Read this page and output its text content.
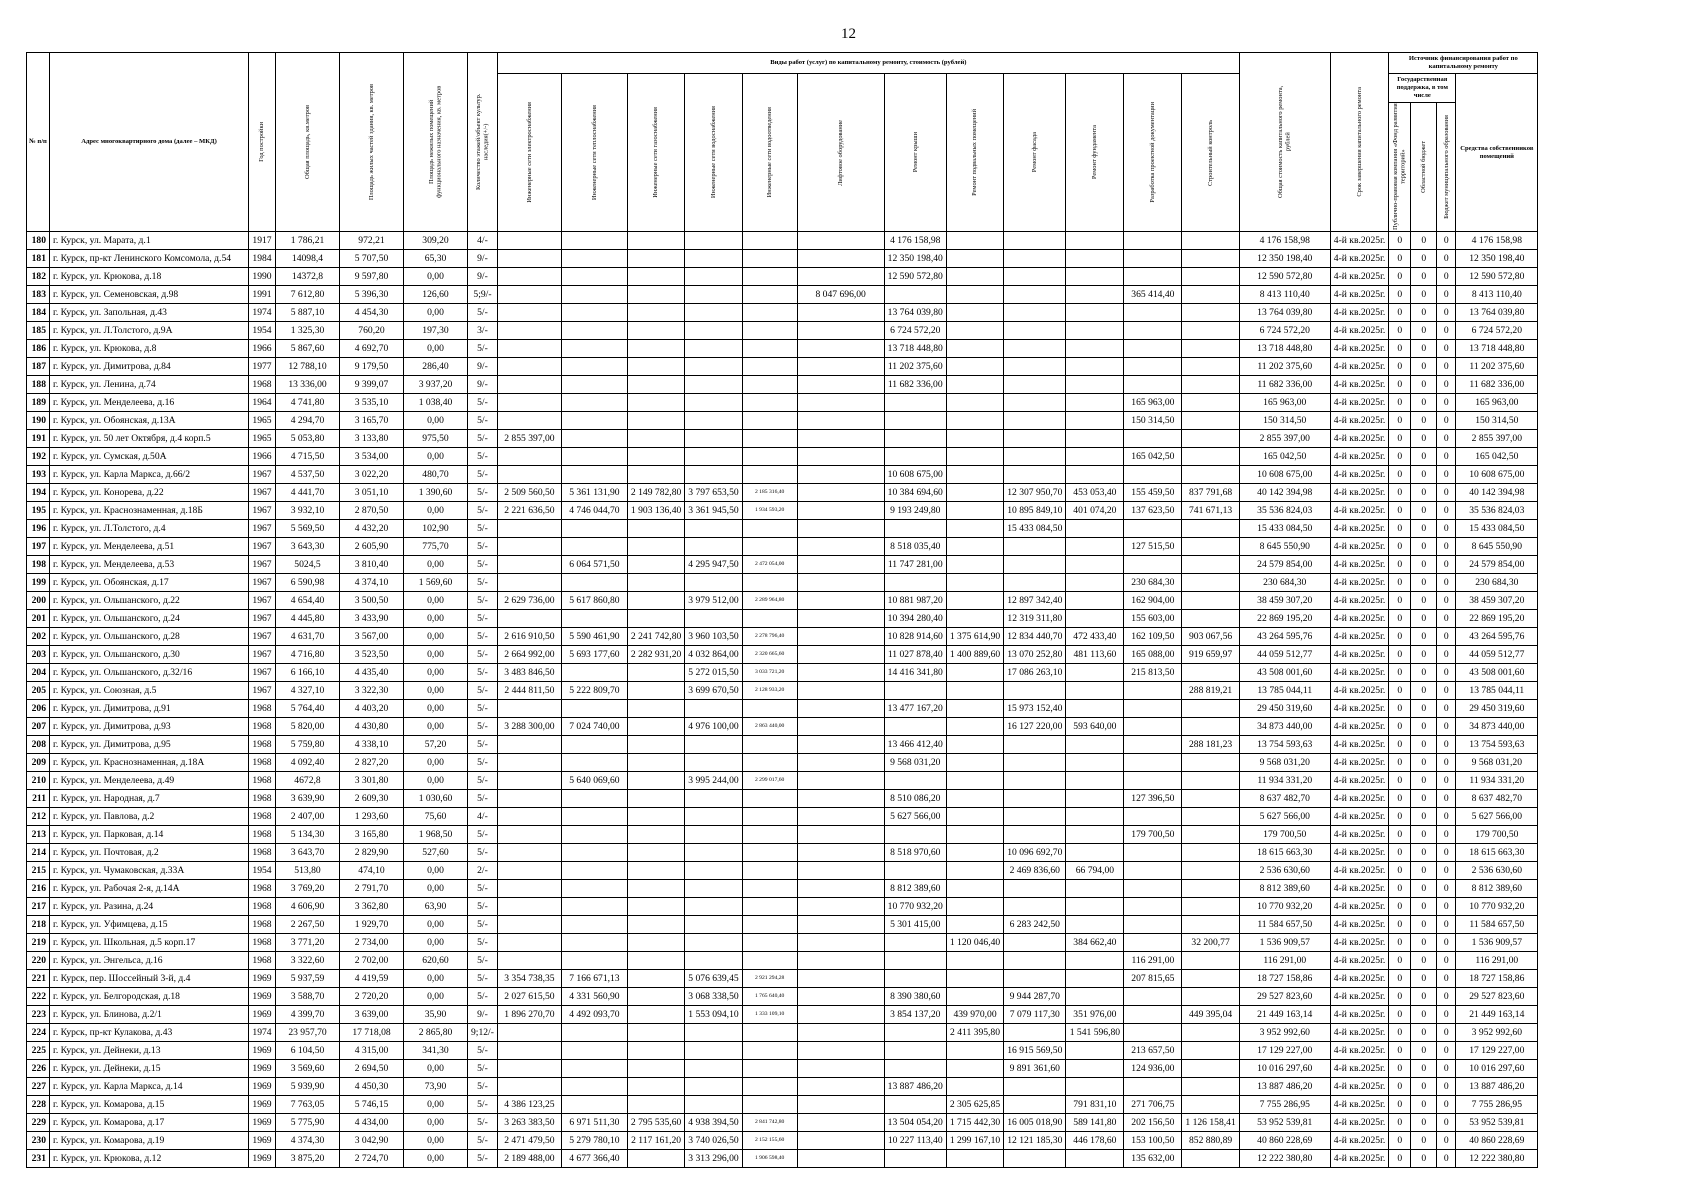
12
№ п/п	Адрес многоквартирного дома (далее – МКД)	Год постройки	Общая площадь, кв.метров	Площадь жилых частей здания, кв. метров	Площадь нежилых помещений функционального назначения, кв. метров	Количество этажей/объект культур. наследия(+/-)	Виды работ (услуг) по капитальному ремонту, стоимость (рублей)												Общая стоимость капитального ремонта, рублей	Срок завершения капитального ремонта	Источник финансирования работ по капитальному ремонту			

							Инженерные сети электроснабжения	Инженерные сети теплоснабжения	Инженерные сети газоснабжения	Инженерные сети водоснабжения	Инженерные сети водоотведения	Лифтовое оборудование	Ремонт крыши	Ремонт подвальных помещений	Ремонт фасада	Ремонт фундамента	Разработка проектной документации	Строительный контроль			Государственная поддержка, в том числе			Средства собственников помещений

																					Публично-правовая компания «Фонд развития территорий»	Областной бюджет	Бюджет муниципального образования	

180	г. Курск, ул. Марата, д.1	1917	1 786,21	972,21	309,20	4/-							4 176 158,98						4 176 158,98	4-й кв.2025г.	0	0	0	4 176 158,98
181	г. Курск, пр-кт Ленинского Комсомола, д.54	1984	14098,4	5 707,50	65,30	9/-							12 350 198,40						12 350 198,40	4-й кв.2025г.	0	0	0	12 350 198,40
182	г. Курск, ул. Крюкова, д.18	1990	14372,8	9 597,80	0,00	9/-							12 590 572,80						12 590 572,80	4-й кв.2025г.	0	0	0	12 590 572,80
183	г. Курск, ул. Семеновская, д.98	1991	7 612,80	5 396,30	126,60	5;9/-						8 047 696,00					365 414,40		8 413 110,40	4-й кв.2025г.	0	0	0	8 413 110,40
184	г. Курск, ул. Запольная, д.43	1974	5 887,10	4 454,30	0,00	5/-							13 764 039,80						13 764 039,80	4-й кв.2025г.	0	0	0	13 764 039,80
185	г. Курск, ул. Л.Толстого, д.9А	1954	1 325,30	760,20	197,30	3/-							6 724 572,20						6 724 572,20	4-й кв.2025г.	0	0	0	6 724 572,20
186	г. Курск, ул. Крюкова, д.8	1966	5 867,60	4 692,70	0,00	5/-							13 718 448,80						13 718 448,80	4-й кв.2025г.	0	0	0	13 718 448,80
187	г. Курск, ул. Димитрова, д.84	1977	12 788,10	9 179,50	286,40	9/-							11 202 375,60						11 202 375,60	4-й кв.2025г.	0	0	0	11 202 375,60
188	г. Курск, ул. Ленина, д.74	1968	13 336,00	9 399,07	3 937,20	9/-							11 682 336,00						11 682 336,00	4-й кв.2025г.	0	0	0	11 682 336,00
189	г. Курск, ул. Менделеева, д.16	1964	4 741,80	3 535,10	1 038,40	5/-											165 963,00		165 963,00	4-й кв.2025г.	0	0	0	165 963,00
190	г. Курск, ул. Обоянская, д.13А	1965	4 294,70	3 165,70	0,00	5/-											150 314,50		150 314,50	4-й кв.2025г.	0	0	0	150 314,50
191	г. Курск, ул. 50 лет Октября, д.4 корп.5	1965	5 053,80	3 133,80	975,50	5/-	2 855 397,00												2 855 397,00	4-й кв.2025г.	0	0	0	2 855 397,00
192	г. Курск, ул. Сумская, д.50А	1966	4 715,50	3 534,00	0,00	5/-											165 042,50		165 042,50	4-й кв.2025г.	0	0	0	165 042,50
193	г. Курск, ул. Карла Маркса, д.66/2	1967	4 537,50	3 022,20	480,70	5/-							10 608 675,00						10 608 675,00	4-й кв.2025г.	0	0	0	10 608 675,00
194	г. Курск, ул. Конорева, д.22	1967	4 441,70	3 051,10	1 390,60	5/-	2 509 560,50	5 361 131,90	2 149 782,80	3 797 653,50	2 185 316,40		10 384 694,60		12 307 950,70	453 053,40	155 459,50	837 791,68	40 142 394,98	4-й кв.2025г.	0	0	0	40 142 394,98
195	г. Курск, ул. Краснознаменная, д.18Б	1967	3 932,10	2 870,50	0,00	5/-	2 221 636,50	4 746 044,70	1 903 136,40	3 361 945,50	1 934 593,20		9 193 249,80		10 895 849,10	401 074,20	137 623,50	741 671,13	35 536 824,03	4-й кв.2025г.	0	0	0	35 536 824,03
196	г. Курск, ул. Л.Толстого, д.4	1967	5 569,50	4 432,20	102,90	5/-									15 433 084,50				15 433 084,50	4-й кв.2025г.	0	0	0	15 433 084,50
197	г. Курск, ул. Менделеева, д.51	1967	3 643,30	2 605,90	775,70	5/-							8 518 035,40				127 515,50		8 645 550,90	4-й кв.2025г.	0	0	0	8 645 550,90
198	г. Курск, ул. Менделеева, д.53	1967	5024,5	3 810,40	0,00	5/-		6 064 571,50		4 295 947,50	2 472 054,00		11 747 281,00						24 579 854,00	4-й кв.2025г.	0	0	0	24 579 854,00
199	г. Курск, ул. Обоянская, д.17	1967	6 590,98	4 374,10	1 569,60	5/-											230 684,30		230 684,30	4-й кв.2025г.	0	0	0	230 684,30
200	г. Курск, ул. Ольшанского, д.22	1967	4 654,40	3 500,50	0,00	5/-	2 629 736,00	5 617 860,80		3 979 512,00	2 289 964,80		10 881 987,20		12 897 342,40		162 904,00		38 459 307,20	4-й кв.2025г.	0	0	0	38 459 307,20
201	г. Курск, ул. Ольшанского, д.24	1967	4 445,80	3 433,90	0,00	5/-							10 394 280,40		12 319 311,80		155 603,00		22 869 195,20	4-й кв.2025г.	0	0	0	22 869 195,20
202	г. Курск, ул. Ольшанского, д.28	1967	4 631,70	3 567,00	0,00	5/-	2 616 910,50	5 590 461,90	2 241 742,80	3 960 103,50	2 278 796,40		10 828 914,60	1 375 614,90	12 834 440,70	472 433,40	162 109,50	903 067,56	43 264 595,76	4-й кв.2025г.	0	0	0	43 264 595,76
203	г. Курск, ул. Ольшанского, д.30	1967	4 716,80	3 523,50	0,00	5/-	2 664 992,00	5 693 177,60	2 282 931,20	4 032 864,00	2 320 665,60		11 027 878,40	1 400 889,60	13 070 252,80	481 113,60	165 088,00	919 659,97	44 059 512,77	4-й кв.2025г.	0	0	0	44 059 512,77
204	г. Курск, ул. Ольшанского, д.32/16	1967	6 166,10	4 435,40	0,00	5/-	3 483 846,50			5 272 015,50	3 033 721,20		14 416 341,80		17 086 263,10		215 813,50		43 508 001,60	4-й кв.2025г.	0	0	0	43 508 001,60
205	г. Курск, ул. Союзная, д.5	1967	4 327,10	3 322,30	0,00	5/-	2 444 811,50	5 222 809,70		3 699 670,50	2 128 933,20							288 819,21	13 785 044,11	4-й кв.2025г.	0	0	0	13 785 044,11
206	г. Курск, ул. Димитрова, д.91	1968	5 764,40	4 403,20	0,00	5/-							13 477 167,20		15 973 152,40				29 450 319,60	4-й кв.2025г.	0	0	0	29 450 319,60
207	г. Курск, ул. Димитрова, д.93	1968	5 820,00	4 430,80	0,00	5/-	3 288 300,00	7 024 740,00		4 976 100,00	2 863 440,00				16 127 220,00	593 640,00			34 873 440,00	4-й кв.2025г.	0	0	0	34 873 440,00
208	г. Курск, ул. Димитрова, д.95	1968	5 759,80	4 338,10	57,20	5/-							13 466 412,40					288 181,23	13 754 593,63	4-й кв.2025г.	0	0	0	13 754 593,63
209	г. Курск, ул. Краснознаменная, д.18А	1968	4 092,40	2 827,20	0,00	5/-							9 568 031,20						9 568 031,20	4-й кв.2025г.	0	0	0	9 568 031,20
210	г. Курск, ул. Менделеева, д.49	1968	4672,8	3 301,80	0,00	5/-		5 640 069,60		3 995 244,00	2 299 017,60								11 934 331,20	4-й кв.2025г.	0	0	0	11 934 331,20
211	г. Курск, ул. Народная, д.7	1968	3 639,90	2 609,30	1 030,60	5/-							8 510 086,20				127 396,50		8 637 482,70	4-й кв.2025г.	0	0	0	8 637 482,70
212	г. Курск, ул. Павлова, д.2	1968	2 407,00	1 293,60	75,60	4/-							5 627 566,00						5 627 566,00	4-й кв.2025г.	0	0	0	5 627 566,00
213	г. Курск, ул. Парковая, д.14	1968	5 134,30	3 165,80	1 968,50	5/-											179 700,50		179 700,50	4-й кв.2025г.	0	0	0	179 700,50
214	г. Курск, ул. Почтовая, д.2	1968	3 643,70	2 829,90	527,60	5/-							8 518 970,60		10 096 692,70				18 615 663,30	4-й кв.2025г.	0	0	0	18 615 663,30
215	г. Курск, ул. Чумаковская, д.33А	1954	513,80	474,10	0,00	2/-									2 469 836,60	66 794,00			2 536 630,60	4-й кв.2025г.	0	0	0	2 536 630,60
216	г. Курск, ул. Рабочая 2-я, д.14А	1968	3 769,20	2 791,70	0,00	5/-							8 812 389,60						8 812 389,60	4-й кв.2025г.	0	0	0	8 812 389,60
217	г. Курск, ул. Разина, д.24	1968	4 606,90	3 362,80	63,90	5/-							10 770 932,20						10 770 932,20	4-й кв.2025г.	0	0	0	10 770 932,20
218	г. Курск, ул. Уфимцева, д.15	1968	2 267,50	1 929,70	0,00	5/-							5 301 415,00		6 283 242,50				11 584 657,50	4-й кв.2025г.	0	0	0	11 584 657,50
219	г. Курск, ул. Школьная, д.5 корп.17	1968	3 771,20	2 734,00	0,00	5/-								1 120 046,40		384 662,40		32 200,77	1 536 909,57	4-й кв.2025г.	0	0	0	1 536 909,57
220	г. Курск, ул. Энгельса, д.16	1968	3 322,60	2 702,00	620,60	5/-											116 291,00		116 291,00	4-й кв.2025г.	0	0	0	116 291,00
221	г. Курск, пер. Шоссейный 3-й, д.4	1969	5 937,59	4 419,59	0,00	5/-	3 354 738,35	7 166 671,13		5 076 639,45	2 921 294,28						207 815,65		18 727 158,86	4-й кв.2025г.	0	0	0	18 727 158,86
222	г. Курск, ул. Белгородская, д.18	1969	3 588,70	2 720,20	0,00	5/-	2 027 615,50	4 331 560,90		3 068 338,50	1 765 640,40		8 390 380,60		9 944 287,70				29 527 823,60	4-й кв.2025г.	0	0	0	29 527 823,60
223	г. Курск, ул. Блинова, д.2/1	1969	4 399,70	3 639,00	35,90	9/-	1 896 270,70	4 492 093,70		1 553 094,10	1 333 109,10		3 854 137,20	439 970,00	7 079 117,30	351 976,00		449 395,04	21 449 163,14	4-й кв.2025г.	0	0	0	21 449 163,14
224	г. Курск, пр-кт Кулакова, д.43	1974	23 957,70	17 718,08	2 865,80	9;12/-								2 411 395,80		1 541 596,80			3 952 992,60	4-й кв.2025г.	0	0	0	3 952 992,60
225	г. Курск, ул. Дейнеки, д.13	1969	6 104,50	4 315,00	341,30	5/-									16 915 569,50		213 657,50		17 129 227,00	4-й кв.2025г.	0	0	0	17 129 227,00
226	г. Курск, ул. Дейнеки, д.15	1969	3 569,60	2 694,50	0,00	5/-									9 891 361,60		124 936,00		10 016 297,60	4-й кв.2025г.	0	0	0	10 016 297,60
227	г. Курск, ул. Карла Маркса, д.14	1969	5 939,90	4 450,30	73,90	5/-							13 887 486,20						13 887 486,20	4-й кв.2025г.	0	0	0	13 887 486,20
228	г. Курск, ул. Комарова, д.15	1969	7 763,05	5 746,15	0,00	5/-	4 386 123,25							2 305 625,85		791 831,10	271 706,75		7 755 286,95	4-й кв.2025г.	0	0	0	7 755 286,95
229	г. Курск, ул. Комарова, д.17	1969	5 775,90	4 434,00	0,00	5/-	3 263 383,50	6 971 511,30	2 795 535,60	4 938 394,50	2 841 742,80		13 504 054,20	1 715 442,30	16 005 018,90	589 141,80	202 156,50	1 126 158,41	53 952 539,81	4-й кв.2025г.	0	0	0	53 952 539,81
230	г. Курск, ул. Комарова, д.19	1969	4 374,30	3 042,90	0,00	5/-	2 471 479,50	5 279 780,10	2 117 161,20	3 740 026,50	2 152 155,60		10 227 113,40	1 299 167,10	12 121 185,30	446 178,60	153 100,50	852 880,89	40 860 228,69	4-й кв.2025г.	0	0	0	40 860 228,69
231	г. Курск, ул. Крюкова, д.12	1969	3 875,20	2 724,70	0,00	5/-	2 189 488,00	4 677 366,40		3 313 296,00	1 906 598,40						135 632,00		12 222 380,80	4-й кв.2025г.	0	0	0	12 222 380,80
